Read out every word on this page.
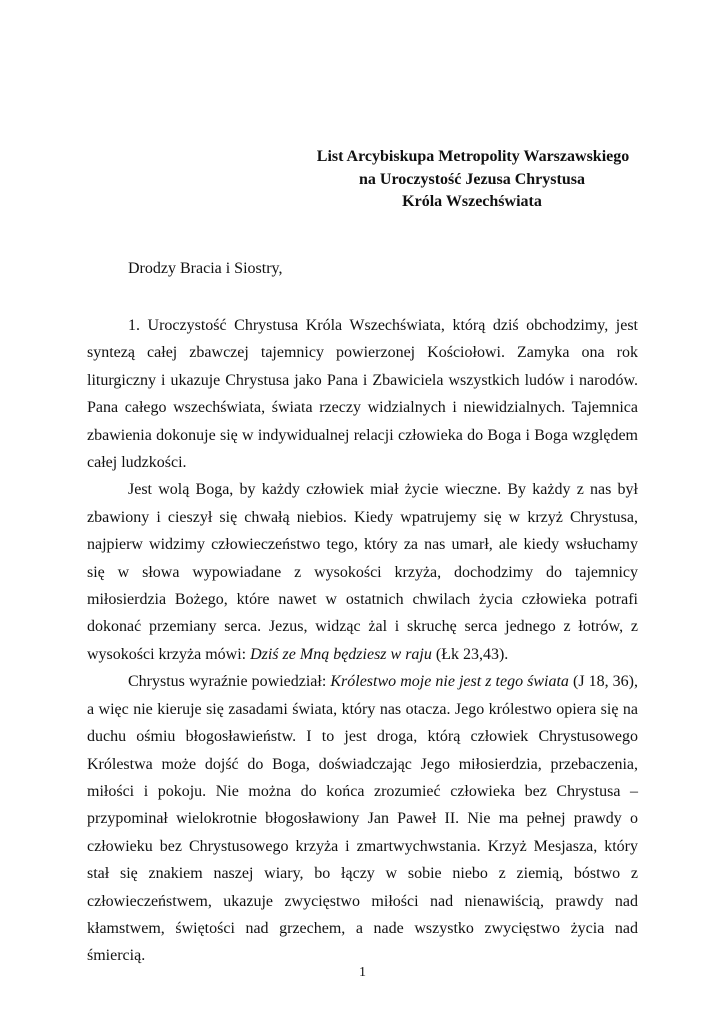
List Arcybiskupa Metropolity Warszawskiego
na Uroczystość Jezusa Chrystusa
Króla Wszechświata
Drodzy Bracia i Siostry,

1. Uroczystość Chrystusa Króla Wszechświata, którą dziś obchodzimy, jest syntezą całej zbawczej tajemnicy powierzonej Kościołowi. Zamyka ona rok liturgiczny i ukazuje Chrystusa jako Pana i Zbawiciela wszystkich ludów i narodów. Pana całego wszechświata, świata rzeczy widzialnych i niewidzialnych. Tajemnica zbawienia dokonuje się w indywidualnej relacji człowieka do Boga i Boga względem całej ludzkości.

Jest wolą Boga, by każdy człowiek miał życie wieczne. By każdy z nas był zbawiony i cieszył się chwałą niebios. Kiedy wpatrujemy się w krzyż Chrystusa, najpierw widzimy człowieczeństwo tego, który za nas umarł, ale kiedy wsłuchamy się w słowa wypowiadane z wysokości krzyża, dochodzimy do tajemnicy miłosierdzia Bożego, które nawet w ostatnich chwilach życia człowieka potrafi dokonać przemiany serca. Jezus, widząc żal i skruchę serca jednego z łotrów, z wysokości krzyża mówi: Dziś ze Mną będziesz w raju (Łk 23,43).

Chrystus wyraźnie powiedział: Królestwo moje nie jest z tego świata (J 18, 36), a więc nie kieruje się zasadami świata, który nas otacza. Jego królestwo opiera się na duchu ośmiu błogosławieństw. I to jest droga, którą człowiek Chrystusowego Królestwa może dojść do Boga, doświadczając Jego miłosierdzia, przebaczenia, miłości i pokoju. Nie można do końca zrozumieć człowieka bez Chrystusa – przypominał wielokrotnie błogosławiony Jan Paweł II. Nie ma pełnej prawdy o człowieku bez Chrystusowego krzyża i zmartwychwstania. Krzyż Mesjasza, który stał się znakiem naszej wiary, bo łączy w sobie niebo z ziemią, bóstwo z człowieczeństwem, ukazuje zwycięstwo miłości nad nienawiścią, prawdy nad kłamstwem, świętości nad grzechem, a nade wszystko zwycięstwo życia nad śmiercią.

1
